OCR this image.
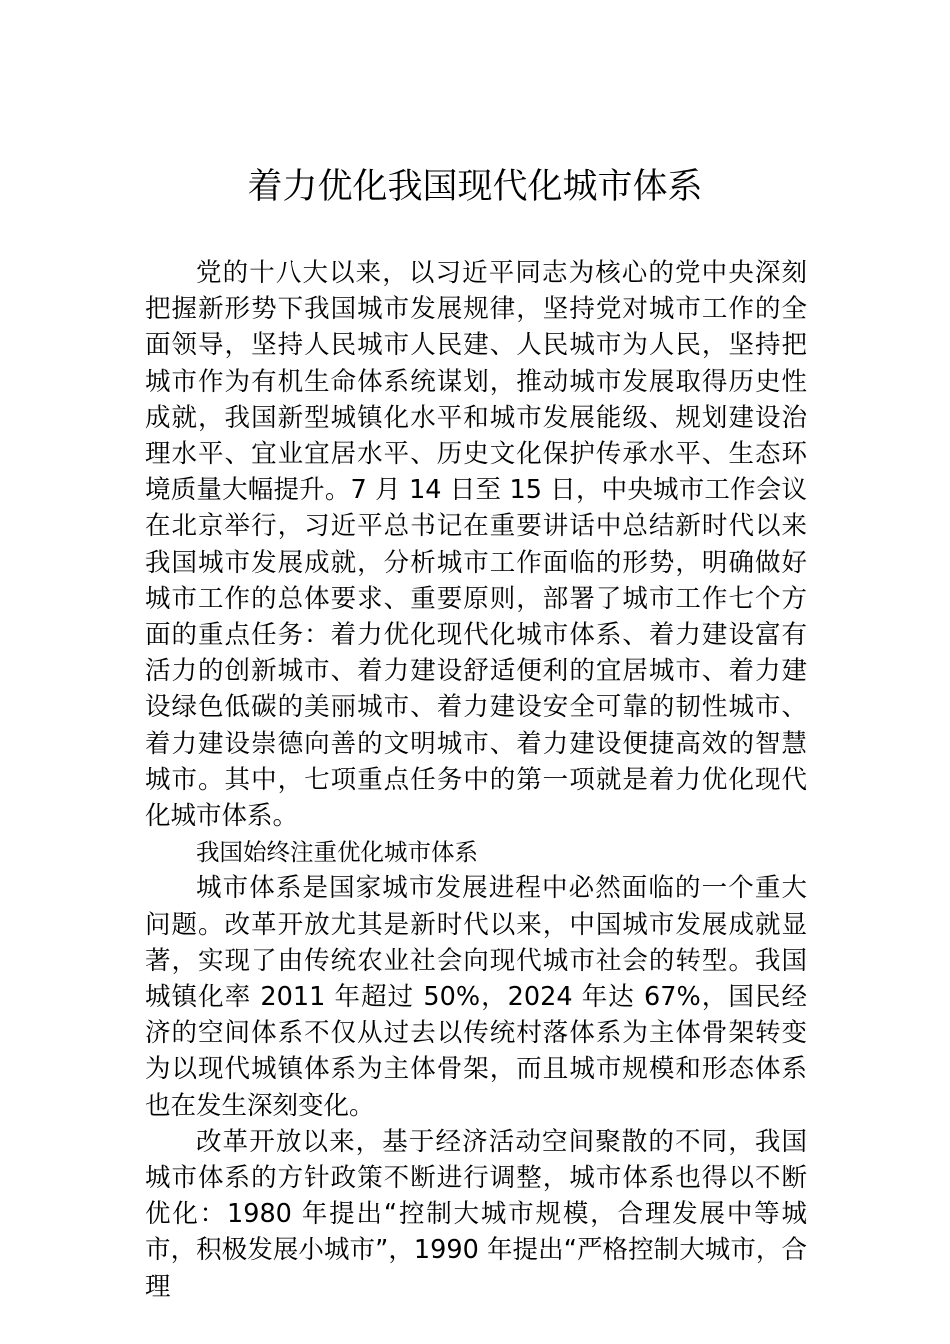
着力优化我国现代化城市体系

党的十八大以来，以习近平同志为核心的党中央深刻把握新形势下我国城市发展规律，坚持党对城市工作的全面领导，坚持人民城市人民建、人民城市为人民，坚持把城市作为有机生命体系统谋划，推动城市发展取得历史性成就，我国新型城镇化水平和城市发展能级、规划建设治理水平、宜业宜居水平、历史文化保护传承水平、生态环境质量大幅提升。7 月 14 日至 15 日，中央城市工作会议在北京举行，习近平总书记在重要讲话中总结新时代以来我国城市发展成就，分析城市工作面临的形势，明确做好城市工作的总体要求、重要原则，部署了城市工作七个方面的重点任务：着力优化现代化城市体系、着力建设富有活力的创新城市、着力建设舒适便利的宜居城市、着力建设绿色低碳的美丽城市、着力建设安全可靠的韧性城市、着力建设崇德向善的文明城市、着力建设便捷高效的智慧城市。其中，七项重点任务中的第一项就是着力优化现代化城市体系。

我国始终注重优化城市体系

城市体系是国家城市发展进程中必然面临的一个重大问题。改革开放尤其是新时代以来，中国城市发展成就显著，实现了由传统农业社会向现代城市社会的转型。我国城镇化率 2011 年超过 50%，2024 年达 67%，国民经济的空间体系不仅从过去以传统村落体系为主体骨架转变为以现代城镇体系为主体骨架，而且城市规模和形态体系也在发生深刻变化。

改革开放以来，基于经济活动空间聚散的不同，我国城市体系的方针政策不断进行调整，城市体系也得以不断优化：1980 年提出“控制大城市规模，合理发展中等城市，积极发展小城市”，1990 年提出“严格控制大城市，合理
